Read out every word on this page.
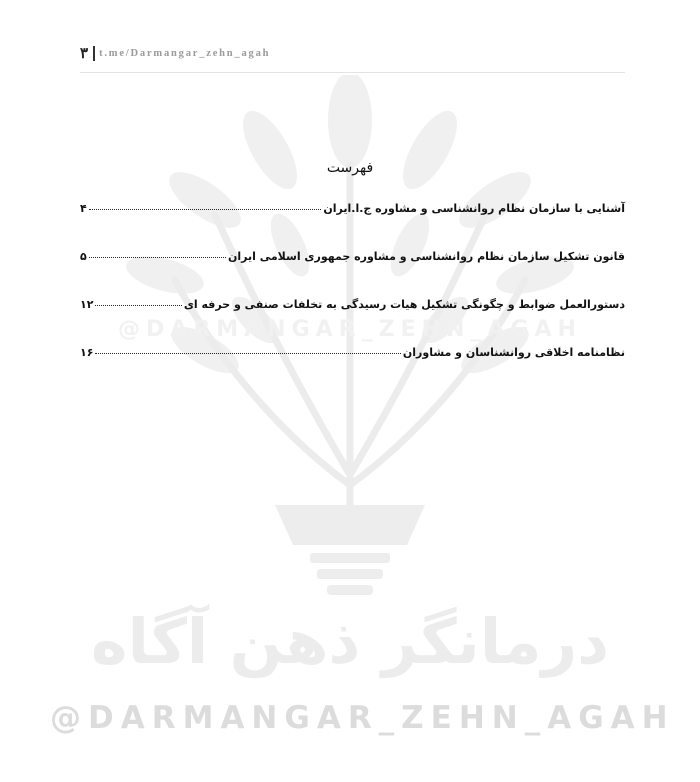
۳ t.me/Darmangar_zehn_agah
@DARMANGAR_ZEHN_AGAH
درمانگر ذهن آگاه
@DARMANGAR_ZEHN_AGAH
فهرست
آشنایی با سازمان نظام روانشناسی و مشاوره ج.ا.ایران
۴
قانون تشکیل سازمان نظام روانشناسی و مشاوره جمهوری اسلامی ایران
۵
دستورالعمل ضوابط و چگونگی تشکیل هیات رسیدگی به تخلفات صنفی و حرفه ای
۱۲
نظامنامه اخلاقی روانشناسان و مشاوران
۱۶
